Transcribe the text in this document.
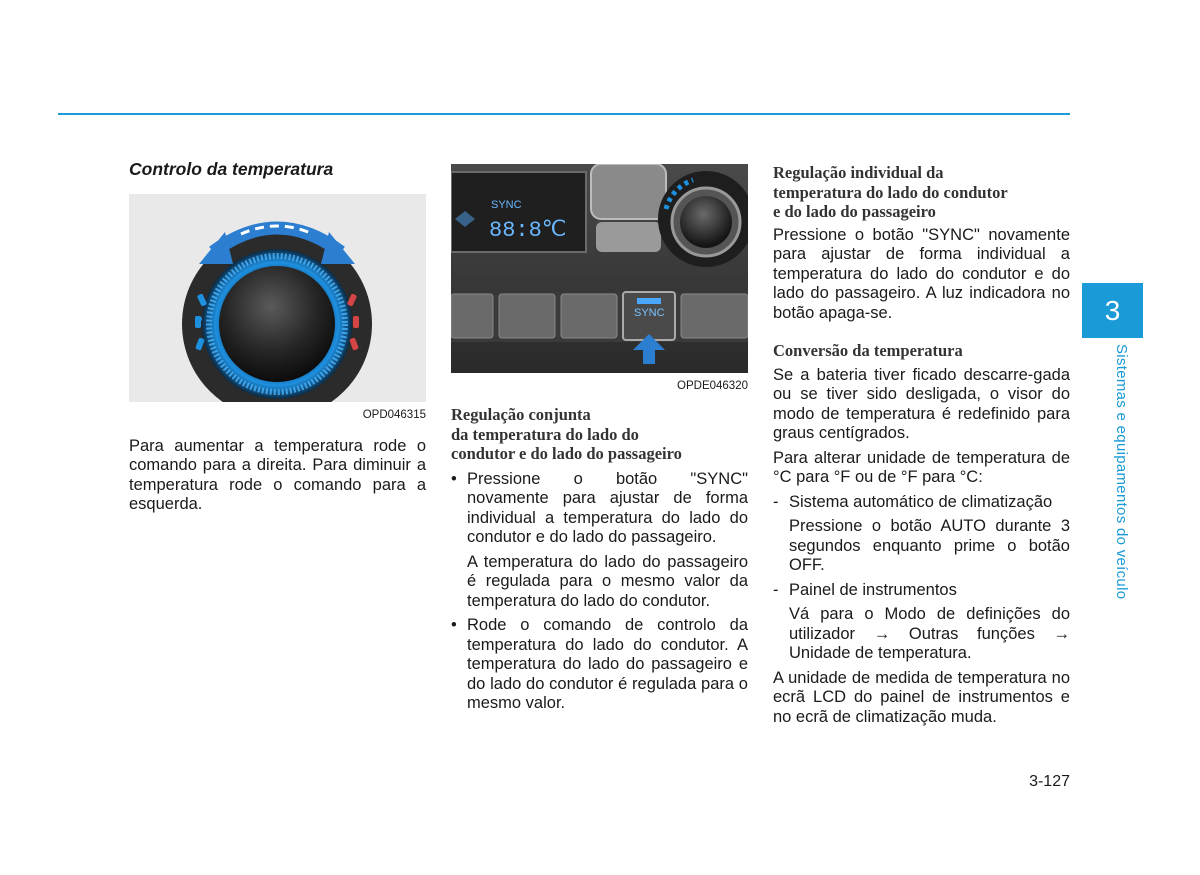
Controlo da temperatura
OPD046315

Para aumentar a temperatura rode o comando para a direita. Para diminuir a temperatura rode o comando para a esquerda.

SYNC
88:8℃
SYNC
OPDE046320
Regulação conjunta
da temperatura do lado do
condutor e do lado do passageiro
• Pressione o botão "SYNC" novamente para ajustar de forma individual a temperatura do lado do condutor e do lado do passageiro.

A temperatura do lado do passageiro é regulada para o mesmo valor da temperatura do lado do condutor.

• Rode o comando de controlo da temperatura do lado do condutor. A temperatura do lado do passageiro e do lado do condutor é regulada para o mesmo valor.

Regulação individual da
temperatura do lado do condutor
e do lado do passageiro

Pressione o botão "SYNC" novamente para ajustar de forma individual a temperatura do lado do condutor e do lado do passageiro. A luz indicadora no botão apaga-se.

Conversão da temperatura

Se a bateria tiver ficado descarre-gada ou se tiver sido desligada, o visor do modo de temperatura é redefinido para graus centígrados.

Para alterar unidade de temperatura de °C para °F ou de °F para °C:

- Sistema automático de climatização

Pressione o botão AUTO durante 3 segundos enquanto prime o botão OFF.

- Painel de instrumentos

Vá para o Modo de definições do utilizador → Outras funções → Unidade de temperatura.

A unidade de medida de temperatura no ecrã LCD do painel de instrumentos e no ecrã de climatização muda.

3
Sistemas e equipamentos do veículo
3-127
